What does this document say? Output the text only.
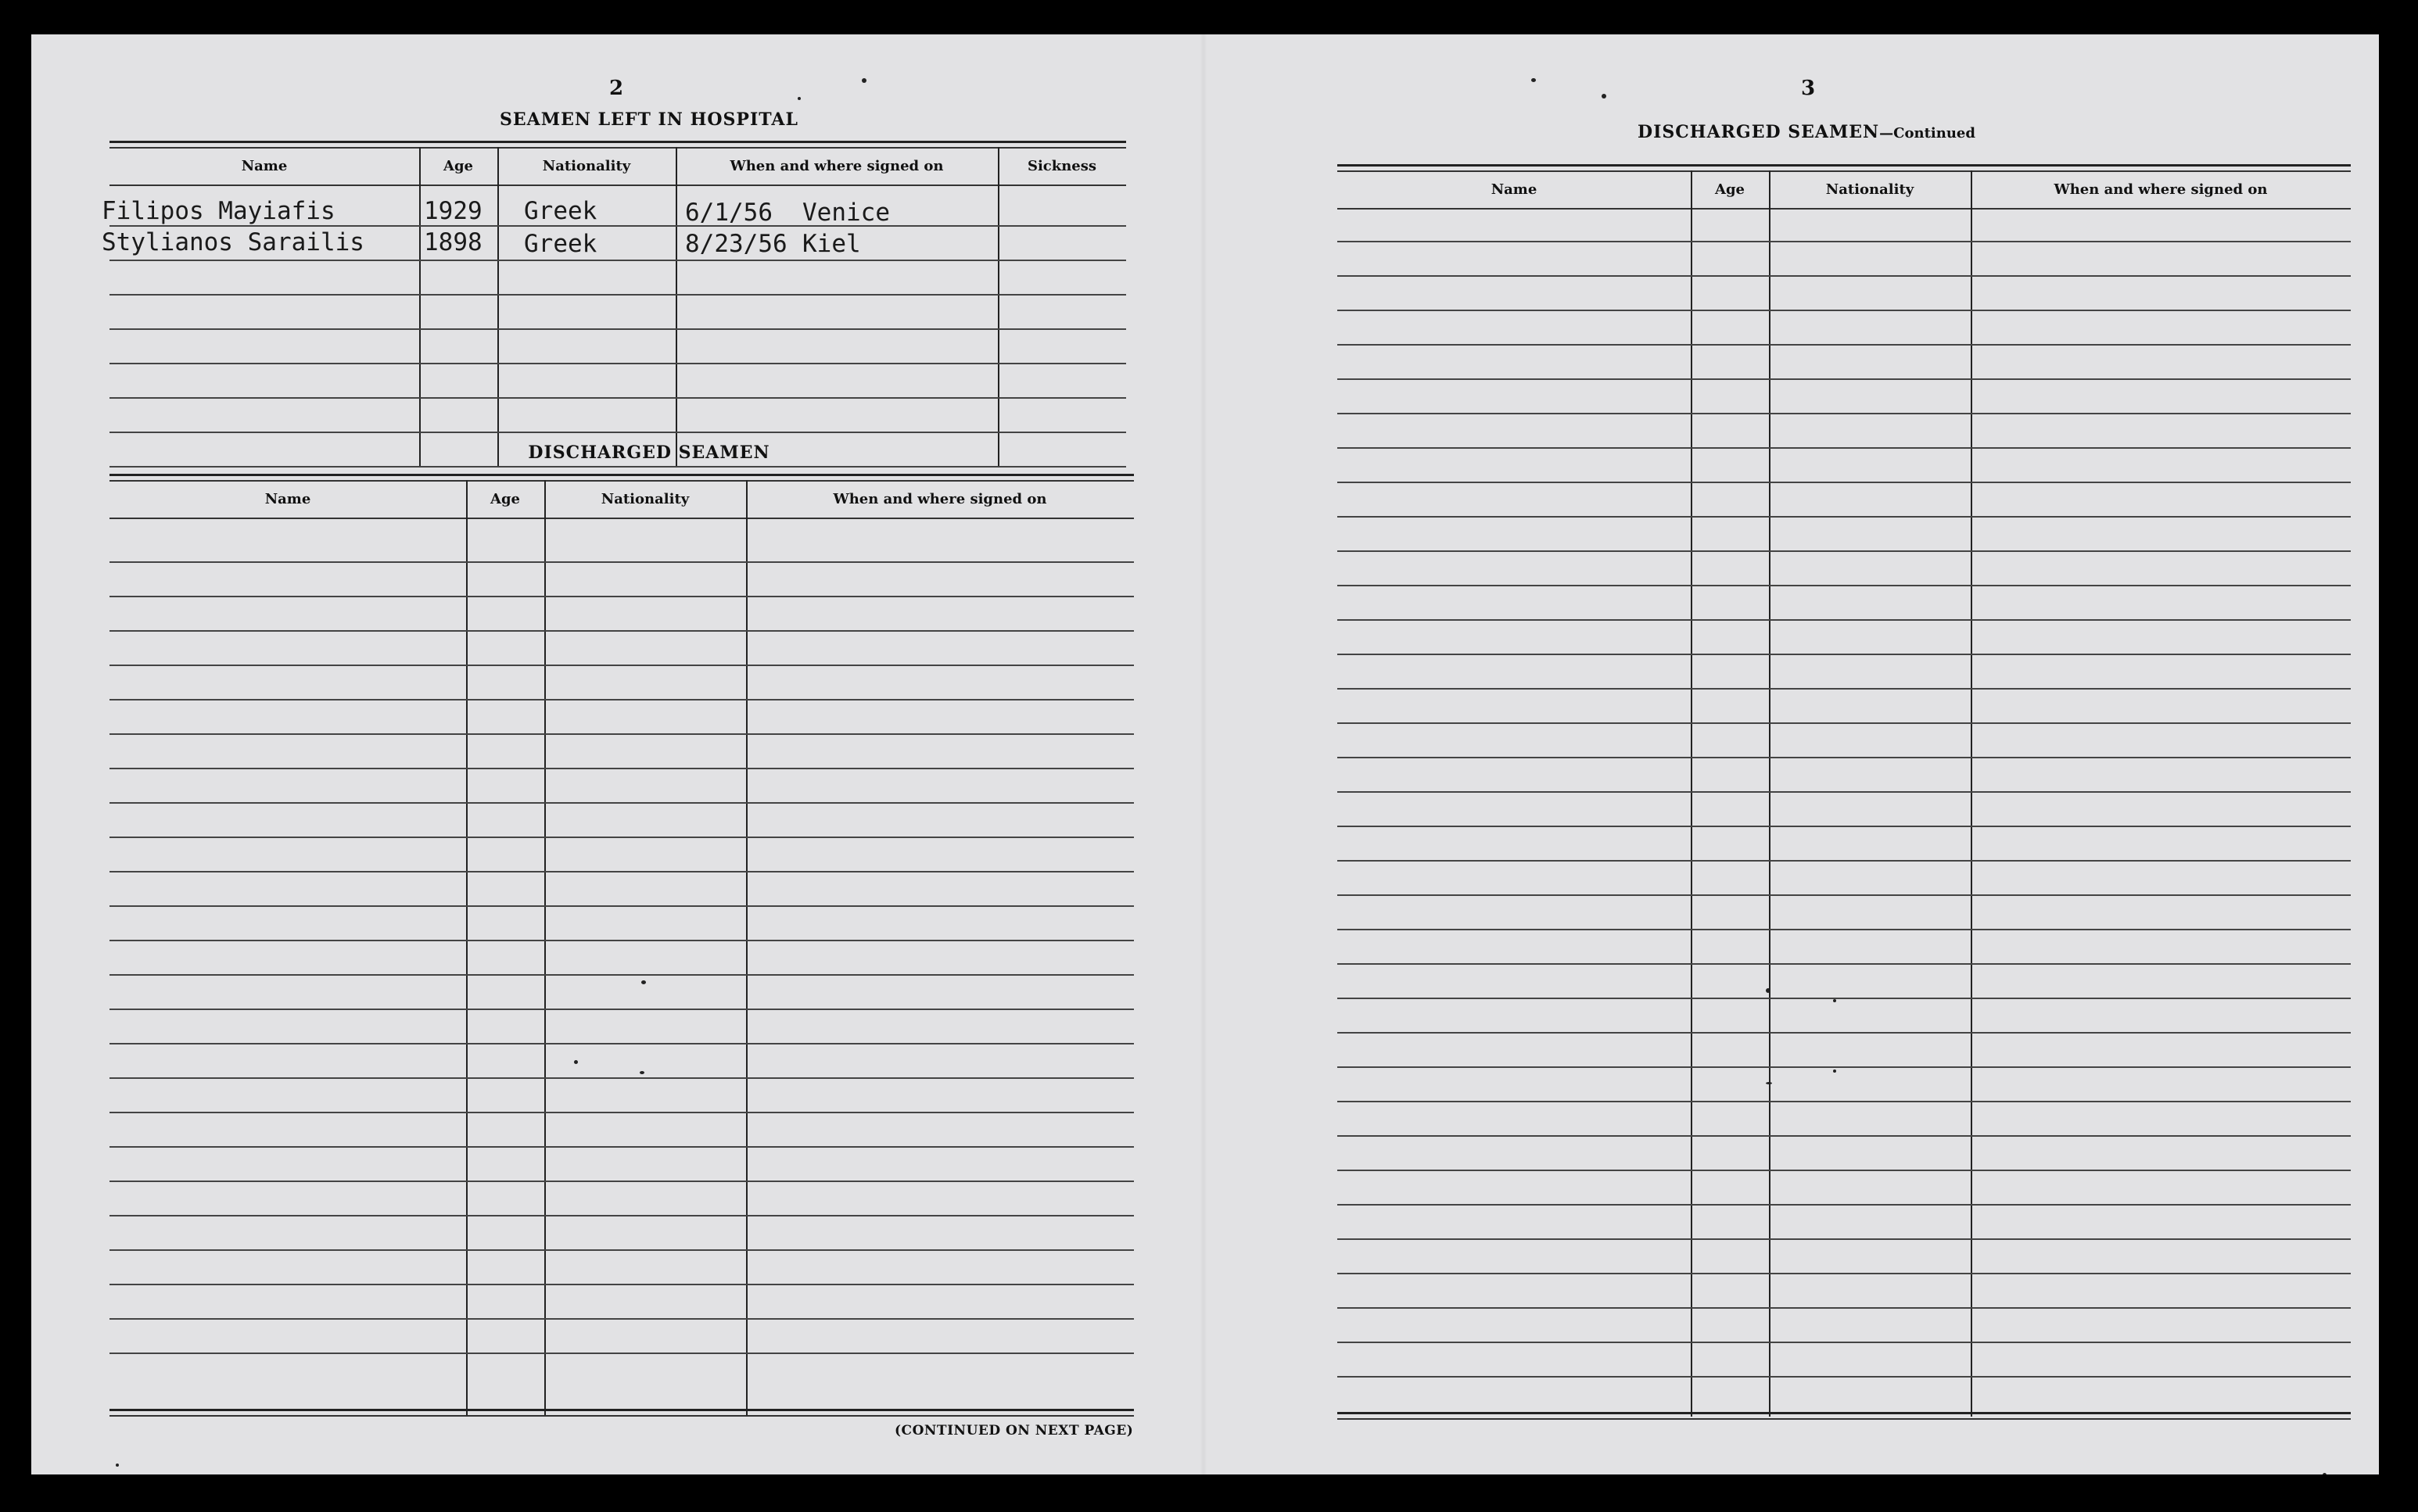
2
SEAMEN LEFT IN HOSPITAL
Name	Age	Nationality	When and where signed on	Sickness
Filipos Mayiafis	1929 Greek	6/1/56 Venice
Stylianos Sarailis 1898 Greek	8/23/56 Kiel
DISCHARGED SEAMEN
Name	Age	Nationality	When and where signed on
(CONTINUED ON NEXT PAGE)
3
DISCHARGED SEAMEN—Continued
Name	Age	Nationality	When and where signed on
